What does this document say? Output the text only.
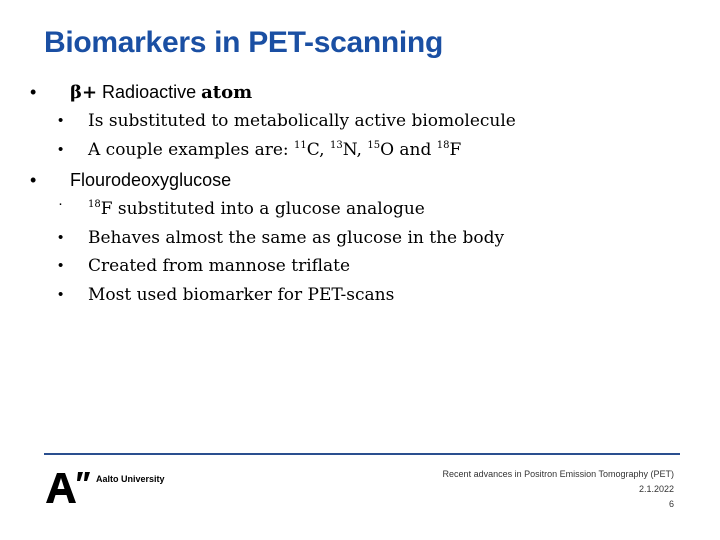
Biomarkers in PET-scanning
• β+ Radioactive atom
• Is substituted to metabolically active biomolecule
• A couple examples are: $^{11}$C, $^{13}$N, $^{15}$O and $^{18}$F
• Flourodeoxyglucose
·	$^{18}$F substituted into a glucose analogue
• Behaves almost the same as glucose in the body
• Created from mannose triflate
• Most used biomarker for PET-scans
Aalto University	Recent advances in Positron Emission Tomography (PET)
2.1.2022
6
